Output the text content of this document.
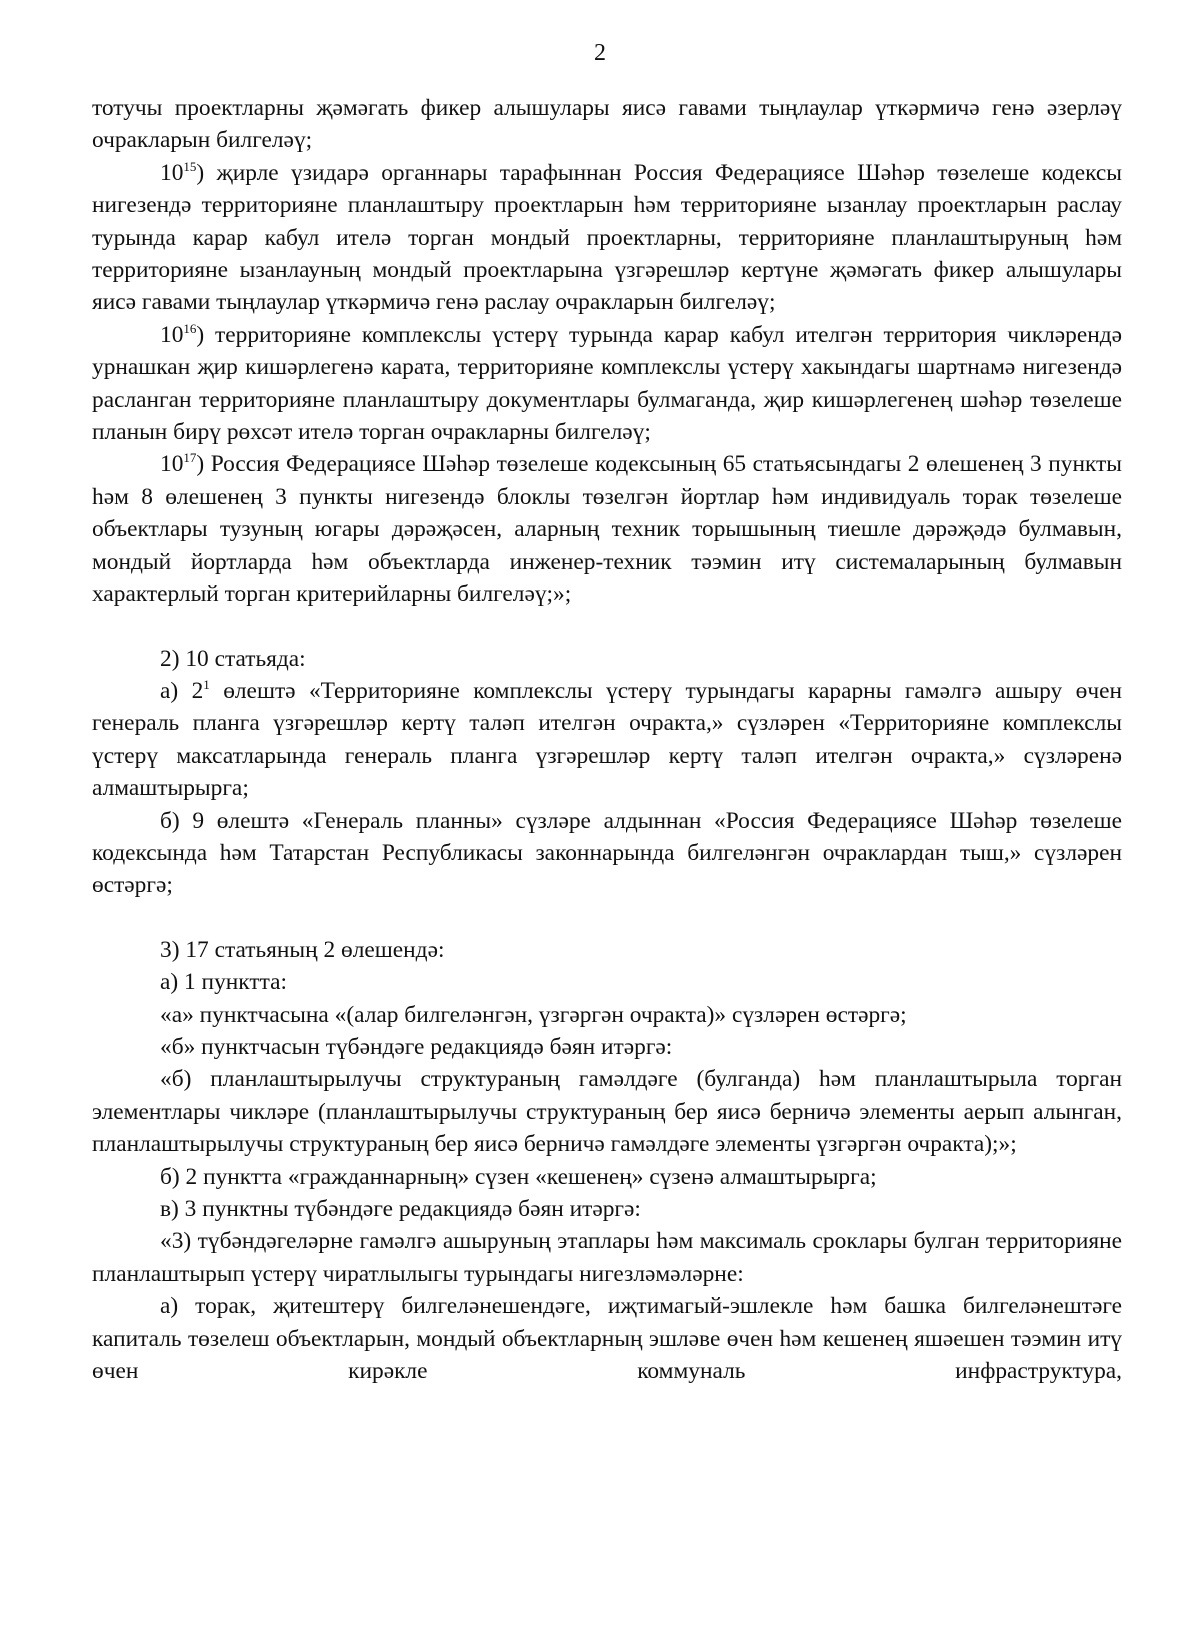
2

тотучы проектларны җәмәгать фикер алышулары яисә гавами тыңлаулар үткәрмичә генә әзерләү очракларын билгеләү;

$10^{15}$) җирле үзидарә органнары тарафыннан Россия Федерациясе Шәһәр төзелеше кодексы нигезендә территорияне планлаштыру проектларын һәм территорияне ызанлау проектларын раслау турында карар кабул ителә торган мондый проектларны, территорияне планлаштыруның һәм территорияне ызанлауның мондый проектларына үзгәрешләр кертүне җәмәгать фикер алышулары яисә гавами тыңлаулар үткәрмичә генә раслау очракларын билгеләү;

$10^{16}$) территорияне комплекслы үстерү турында карар кабул ителгән территория чикләрендә урнашкан җир кишәрлегенә карата, территорияне комплекслы үстерү хакындагы шартнамә нигезендә расланган территорияне планлаштыру документлары булмаганда, җир кишәрлегенең шәһәр төзелеше планын бирү рөхсәт ителә торган очракларны билгеләү;

$10^{17}$) Россия Федерациясе Шәһәр төзелеше кодексының 65 статьясындагы 2 өлешенең 3 пункты һәм 8 өлешенең 3 пункты нигезендә блоклы төзелгән йортлар һәм индивидуаль торак төзелеше объектлары тузуның югары дәрәҗәсен, аларның техник торышының тиешле дәрәҗәдә булмавын, мондый йортларда һәм объектларда инженер-техник тәэмин итү системаларының булмавын характерлый торган критерийларны билгеләү;»;

2) 10 статьяда:

а) $2^1$ өлештә «Территорияне комплекслы үстерү турындагы карарны гамәлгә ашыру өчен генераль планга үзгәрешләр кертү таләп ителгән очракта,» сүзләрен «Территорияне комплекслы үстерү максатларында генераль планга үзгәрешләр кертү таләп ителгән очракта,» сүзләренә алмаштырырга;

б) 9 өлештә «Генераль планны» сүзләре алдыннан «Россия Федерациясе Шәһәр төзелеше кодексында һәм Татарстан Республикасы законнарында билгеләнгән очраклардан тыш,» сүзләрен өстәргә;

3) 17 статьяның 2 өлешендә:

а) 1 пунктта:

«а» пунктчасына «(алар билгеләнгән, үзгәргән очракта)» сүзләрен өстәргә;

«б» пунктчасын түбәндәге редакциядә бәян итәргә:

«б) планлаштырылучы структураның гамәлдәге (булганда) һәм планлаштырыла торган элементлары чикләре (планлаштырылучы структураның бер яисә берничә элементы аерып алынган, планлаштырылучы структураның бер яисә берничә гамәлдәге элементы үзгәргән очракта);»;

б) 2 пунктта «гражданнарның» сүзен «кешенең» сүзенә алмаштырырга;

в) 3 пунктны түбәндәге редакциядә бәян итәргә:

«3) түбәндәгеләрне гамәлгә ашыруның этаплары һәм максималь сроклары булган территорияне планлаштырып үстерү чиратлылыгы турындагы нигезләмәләрне:

а) торак, җитештерү билгеләнешендәге, иҗтимагый-эшлекле һәм башка билгеләнештәге капиталь төзелеш объектларын, мондый объектларның эшләве өчен һәм кешенең яшәешен тәэмин итү өчен кирәкле коммуналь инфраструктура,
